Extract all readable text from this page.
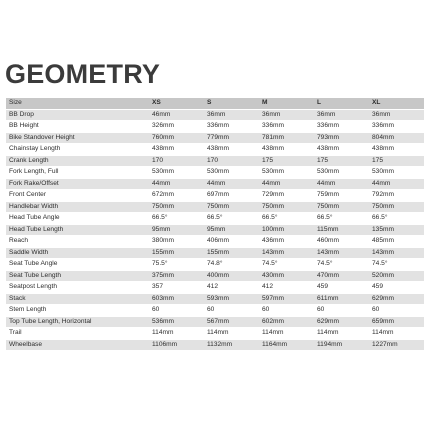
GEOMETRY
Size	XS	S	M	L	XL
BB Drop	46mm	36mm	36mm	36mm	36mm
BB Height	326mm	336mm	336mm	336mm	336mm
Bike Standover Height	760mm	779mm	781mm	793mm	804mm
Chainstay Length	438mm	438mm	438mm	438mm	438mm
Crank Length	170	170	175	175	175
Fork Length, Full	530mm	530mm	530mm	530mm	530mm
Fork Rake/Offset	44mm	44mm	44mm	44mm	44mm
Front Center	672mm	697mm	729mm	759mm	792mm
Handlebar Width	750mm	750mm	750mm	750mm	750mm
Head Tube Angle	66.5°	66.5°	66.5°	66.5°	66.5°
Head Tube Length	95mm	95mm	100mm	115mm	135mm
Reach	380mm	406mm	436mm	460mm	485mm
Saddle Width	155mm	155mm	143mm	143mm	143mm
Seat Tube Angle	75.5°	74.8°	74.5°	74.5°	74.5°
Seat Tube Length	375mm	400mm	430mm	470mm	520mm
Seatpost Length	357	412	412	459	459
Stack	603mm	593mm	597mm	611mm	629mm
Stem Length	60	60	60	60	60
Top Tube Length, Horizontal	536mm	567mm	602mm	629mm	659mm
Trail	114mm	114mm	114mm	114mm	114mm
Wheelbase	1106mm	1132mm	1164mm	1194mm	1227mm
